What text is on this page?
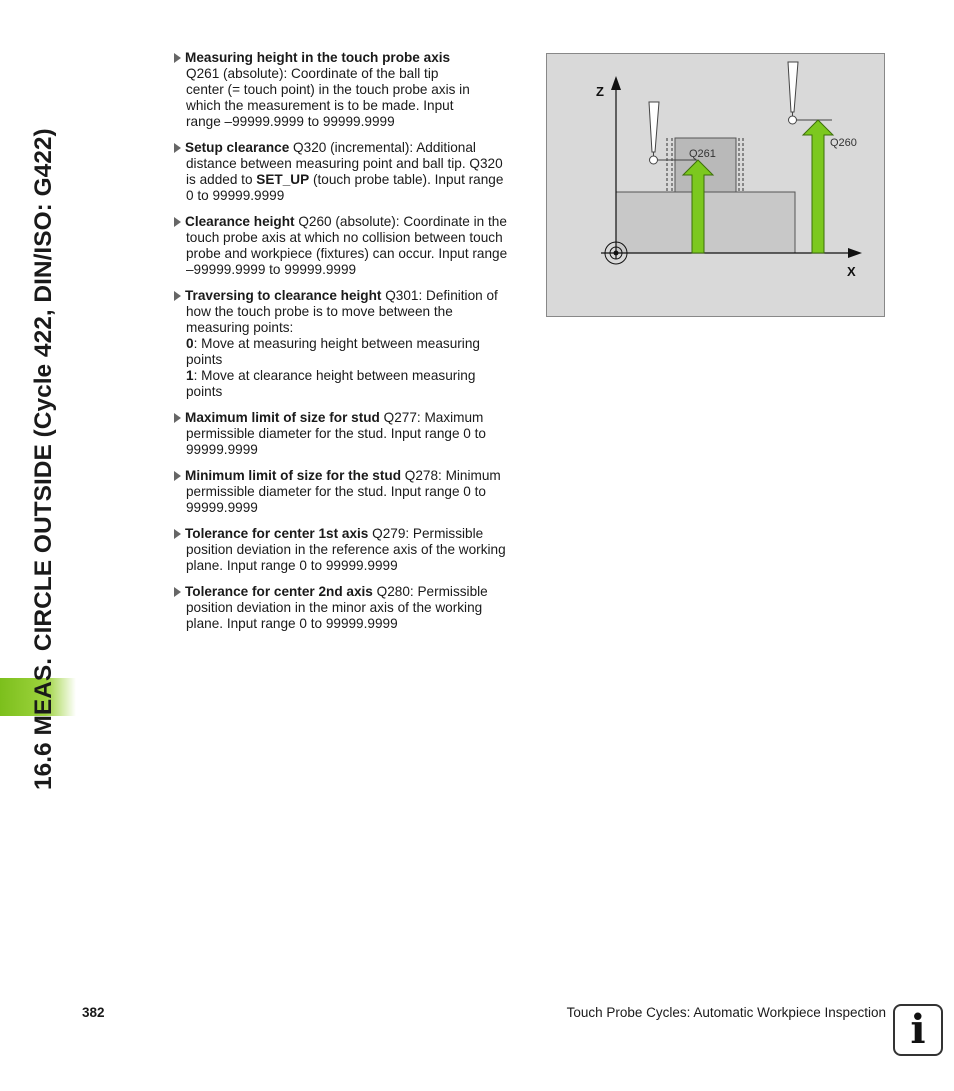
16.6 MEAS. CIRCLE OUTSIDE (Cycle 422, DIN/ISO: G422)
Measuring height in the touch probe axis
Q261 (absolute): Coordinate of the ball tip
center (= touch point) in the touch probe axis in
which the measurement is to be made. Input
range –99999.9999 to 99999.9999
Setup clearance Q320 (incremental): Additional
distance between measuring point and ball tip. Q320
is added to SET_UP (touch probe table). Input range
0 to 99999.9999
Clearance height Q260 (absolute): Coordinate in the
touch probe axis at which no collision between touch
probe and workpiece (fixtures) can occur. Input range
–99999.9999 to 99999.9999
Traversing to clearance height Q301: Definition of
how the touch probe is to move between the
measuring points:
0: Move at measuring height between measuring
points
1: Move at clearance height between measuring
points
Maximum limit of size for stud Q277: Maximum
permissible diameter for the stud. Input range 0 to
99999.9999
Minimum limit of size for the stud Q278: Minimum
permissible diameter for the stud. Input range 0 to
99999.9999
Tolerance for center 1st axis Q279: Permissible
position deviation in the reference axis of the working
plane. Input range 0 to 99999.9999
Tolerance for center 2nd axis Q280: Permissible
position deviation in the minor axis of the working
plane. Input range 0 to 99999.9999
Z
X
Q261
Q260
382	Touch Probe Cycles: Automatic Workpiece Inspection i
